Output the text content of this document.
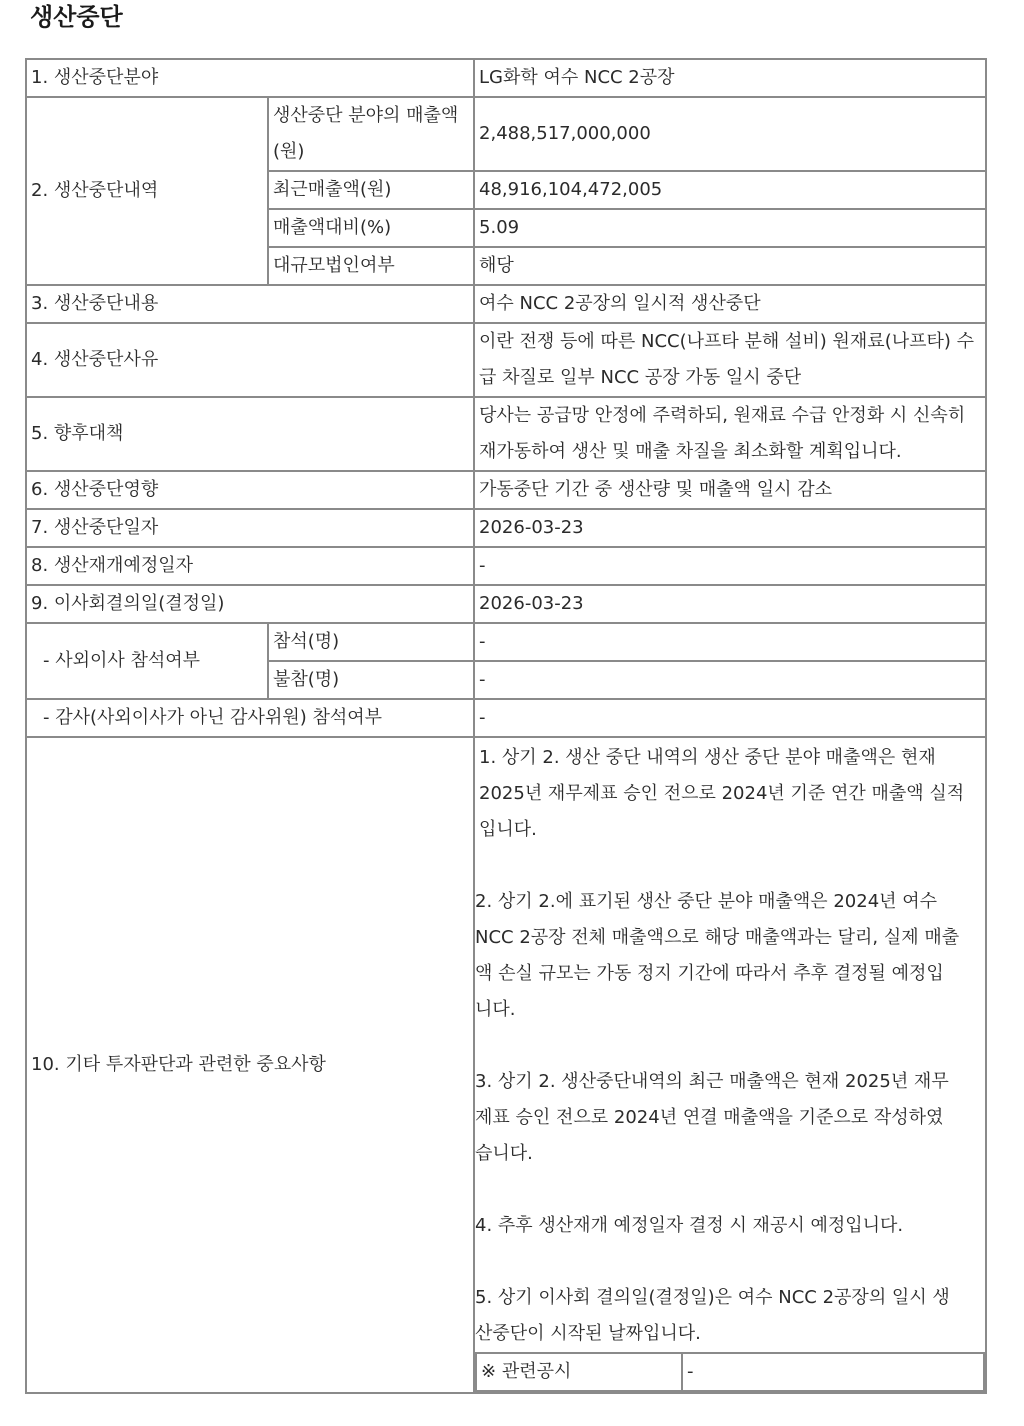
생산중단
1. 생산중단분야	LG화학 여수 NCC 2공장
2. 생산중단내역	생산중단 분야의 매출액(원)	2,488,517,000,000
최근매출액(원)	48,916,104,472,005
매출액대비(%)	5.09
대규모법인여부	해당
3. 생산중단내용	여수 NCC 2공장의 일시적 생산중단
4. 생산중단사유	이란 전쟁 등에 따른 NCC(나프타 분해 설비) 원재료(나프타) 수급 차질로 일부 NCC 공장 가동 일시 중단
5. 향후대책	당사는 공급망 안정에 주력하되, 원재료 수급 안정화 시 신속히 재가동하여 생산 및 매출 차질을 최소화할 계획입니다.
6. 생산중단영향	가동중단 기간 중 생산량 및 매출액 일시 감소
7. 생산중단일자	2026-03-23
8. 생산재개예정일자	-
9. 이사회결의일(결정일)	2026-03-23
- 사외이사 참석여부	참석(명)	-
불참(명)	-
- 감사(사외이사가 아닌 감사위원) 참석여부	-
10. 기타 투자판단과 관련한 중요사항	

1. 상기 2. 생산 중단 내역의 생산 중단 분야 매출액은 현재
2025년 재무제표 승인 전으로 2024년 기준 연간 매출액 실적
입니다.

2. 상기 2.에 표기된 생산 중단 분야 매출액은 2024년 여수
NCC 2공장 전체 매출액으로 해당 매출액과는 달리, 실제 매출
액 손실 규모는 가동 정지 기간에 따라서 추후 결정될 예정입
니다.

3. 상기 2. 생산중단내역의 최근 매출액은 현재 2025년 재무
제표 승인 전으로 2024년 연결 매출액을 기준으로 작성하였
습니다.

4. 추후 생산재개 예정일자 결정 시 재공시 예정입니다.

5. 상기 이사회 결의일(결정일)은 여수 NCC 2공장의 일시 생
산중단이 시작된 날짜입니다.

※ 관련공시	-
